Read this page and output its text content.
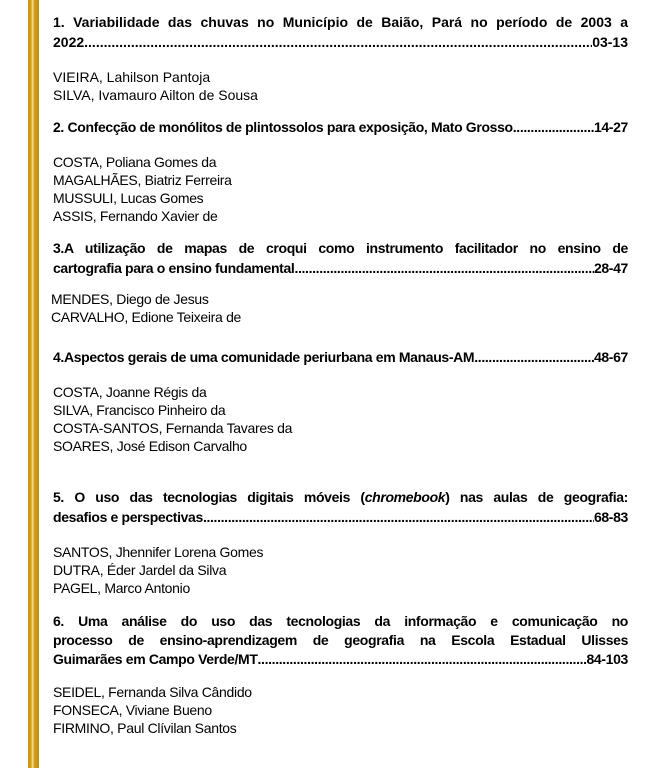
1. Variabilidade das chuvas no Município de Baião, Pará no período de 2003 a
2022 .....	03-13
VIEIRA, Lahilson Pantoja
SILVA, Ivamauro Ailton de Sousa
2. Confecção de monólitos de plintossolos para exposição, Mato Grosso .....	14-27
COSTA, Poliana Gomes da
MAGALHÃES, Biatriz Ferreira
MUSSULI, Lucas Gomes
ASSIS, Fernando Xavier de
3.A utilização de mapas de croqui como instrumento facilitador no ensino de
cartografia para o ensino fundamental .....	28-47
MENDES, Diego de Jesus
CARVALHO, Edione Teixeira de
4.Aspectos gerais de uma comunidade periurbana em Manaus-AM .....	48-67
COSTA, Joanne Régis da
SILVA, Francisco Pinheiro da
COSTA-SANTOS, Fernanda Tavares da
SOARES, José Edison Carvalho
5. O uso das tecnologias digitais móveis (chromebook) nas aulas de geografia:
desafios e perspectivas .....	68-83
SANTOS, Jhennifer Lorena Gomes
DUTRA, Éder Jardel da Silva
PAGEL, Marco Antonio
6. Uma análise do uso das tecnologias da informação e comunicação no
processo de ensino-aprendizagem de geografia na Escola Estadual Ulisses
Guimarães em Campo Verde/MT .....	84-103
SEIDEL, Fernanda Silva Cândido
FONSECA, Viviane Bueno
FIRMINO, Paul Clívilan Santos
